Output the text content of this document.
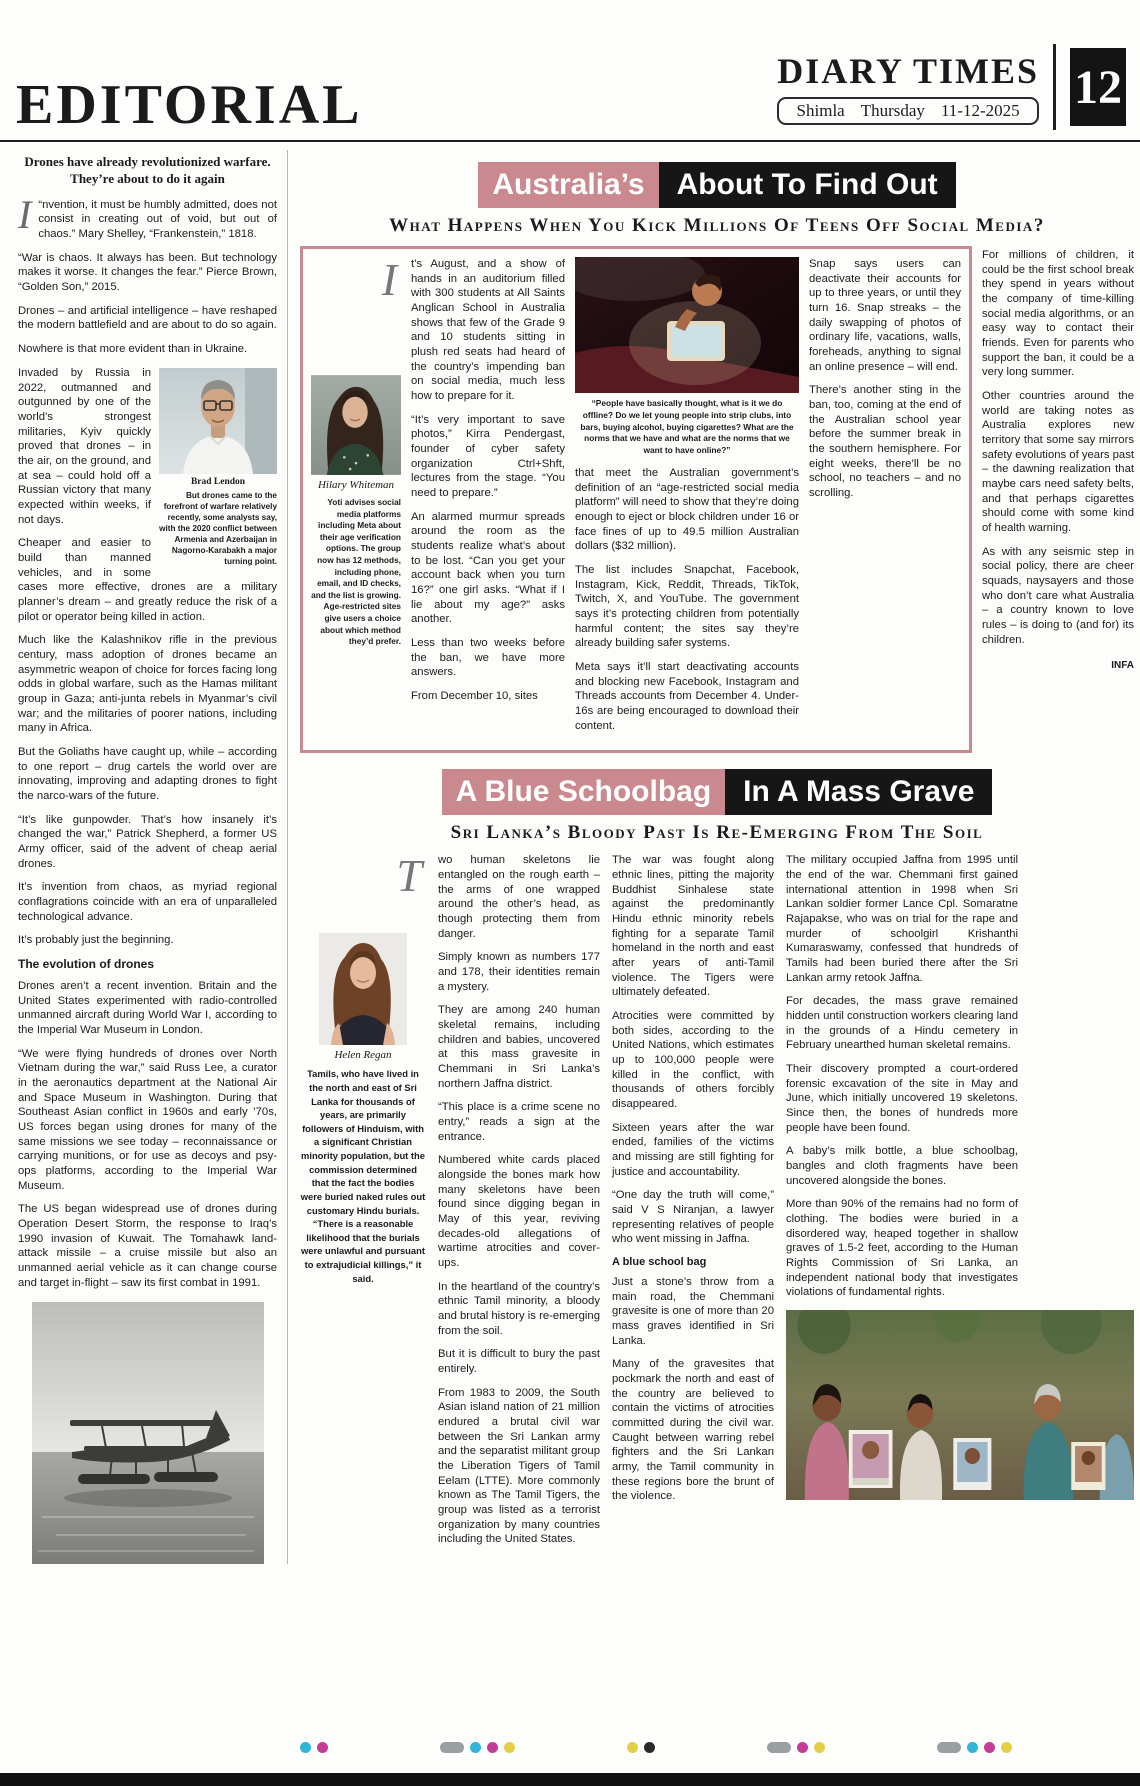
EDITORIAL
DIARY TIMES
Shimla Thursday 11-12-2025 12
Drones have already revolutionized warfare. They’re about to do it again

I “nvention, it must be humbly admitted, does not consist in creating out of void, but out of chaos.” Mary Shelley, “Frankenstein,” 1818.

“War is chaos. It always has been. But technology makes it worse. It changes the fear.” Pierce Brown, “Golden Son,” 2015.

Drones – and artificial intelligence – have reshaped the modern battlefield and are about to do so again.

Nowhere is that more evident than in Ukraine.

Brad Lendon
But drones came to the forefront of warfare relatively recently, some analysts say, with the 2020 conflict between Armenia and Azerbaijan in Nagorno-Karabakh a major turning point.

Invaded by Russia in 2022, outmanned and outgunned by one of the world’s strongest militaries, Kyiv quickly proved that drones – in the air, on the ground, and at sea – could hold off a Russian victory that many expected within weeks, if not days.

Cheaper and easier to build than manned vehicles, and in some cases more effective, drones are a military planner’s dream – and greatly reduce the risk of a pilot or operator being killed in action.

Much like the Kalashnikov rifle in the previous century, mass adoption of drones became an asymmetric weapon of choice for forces facing long odds in global warfare, such as the Hamas militant group in Gaza; anti-junta rebels in Myanmar’s civil war; and the militaries of poorer nations, including many in Africa.

But the Goliaths have caught up, while – according to one report – drug cartels the world over are innovating, improving and adapting drones to fight the narco-wars of the future.

“It’s like gunpowder. That’s how insanely it’s changed the war,” Patrick Shepherd, a former US Army officer, said of the advent of cheap aerial drones.

It’s invention from chaos, as myriad regional conflagrations coincide with an era of unparalleled technological advance.

It’s probably just the beginning.

The evolution of drones

Drones aren’t a recent invention. Britain and the United States experimented with radio-controlled unmanned aircraft during World War I, according to the Imperial War Museum in London.

“We were flying hundreds of drones over North Vietnam during the war,” said Russ Lee, a curator in the aeronautics department at the National Air and Space Museum in Washington. During that Southeast Asian conflict in 1960s and early ’70s, US forces began using drones for many of the same missions we see today – reconnaissance or carrying munitions, or for use as decoys and psy-ops platforms, according to the Imperial War Museum.

The US began widespread use of drones during Operation Desert Storm, the response to Iraq’s 1990 invasion of Kuwait. The Tomahawk land-attack missile – a cruise missile but also an unmanned aerial vehicle as it can change course and target in-flight – saw its first combat in 1991.

Australia’s	About To Find Out
What Happens When You Kick Millions Of Teens Off Social Media?
I
Hilary Whiteman
Yoti advises social media platforms including Meta about their age verification options. The group now has 12 methods, including phone, email, and ID checks, and the list is growing. Age-restricted sites give users a choice about which method they’d prefer.

t’s August, and a show of hands in an auditorium filled with 300 students at All Saints Anglican School in Australia shows that few of the Grade 9 and 10 students sitting in plush red seats had heard of the country’s impending ban on social media, much less how to prepare for it.

“It’s very important to save photos,” Kirra Pendergast, founder of cyber safety organization Ctrl+Shft, lectures from the stage. “You need to prepare.”

An alarmed murmur spreads around the room as the students realize what’s about to be lost. “Can you get your account back when you turn 16?” one girl asks. “What if I lie about my age?” asks another.

Less than two weeks before the ban, we have more answers.

From December 10, sites

“People have basically thought, what is it we do offline? Do we let young people into strip clubs, into bars, buying alcohol, buying cigarettes? What are the norms that we have and what are the norms that we want to have online?”

that meet the Australian government’s definition of an “age-restricted social media platform” will need to show that they’re doing enough to eject or block children under 16 or face fines of up to 49.5 million Australian dollars ($32 million).

The list includes Snapchat, Facebook, Instagram, Kick, Reddit, Threads, TikTok, Twitch, X, and YouTube. The government says it’s protecting children from potentially harmful content; the sites say they’re already building safer systems.

Meta says it’ll start deactivating accounts and blocking new Facebook, Instagram and Threads accounts from December 4. Under-16s are being encouraged to download their content.

Snap says users can deactivate their accounts for up to three years, or until they turn 16. Snap streaks – the daily swapping of photos of ordinary life, vacations, walls, foreheads, anything to signal an online presence – will end.

There’s another sting in the ban, too, coming at the end of the Australian school year before the summer break in the southern hemisphere. For eight weeks, there’ll be no school, no teachers – and no scrolling.

For millions of children, it could be the first school break they spend in years without the company of time-killing social media algorithms, or an easy way to contact their friends. Even for parents who support the ban, it could be a very long summer.

Other countries around the world are taking notes as Australia explores new territory that some say mirrors safety evolutions of years past – the dawning realization that maybe cars need safety belts, and that perhaps cigarettes should come with some kind of health warning.

As with any seismic step in social policy, there are cheer squads, naysayers and those who don’t care what Australia – a country known to love rules – is doing to (and for) its children.

INFA
A Blue Schoolbag	In A Mass Grave
Sri Lanka’s Bloody Past Is Re-Emerging From The Soil
T
Helen Regan
Tamils, who have lived in the north and east of Sri Lanka for thousands of years, are primarily followers of Hinduism, with a significant Christian minority population, but the commission determined that the fact the bodies were buried naked rules out customary Hindu burials. “There is a reasonable likelihood that the burials were unlawful and pursuant to extrajudicial killings,” it said.

wo human skeletons lie entangled on the rough earth – the arms of one wrapped around the other’s head, as though protecting them from danger.

Simply known as numbers 177 and 178, their identities remain a mystery.

They are among 240 human skeletal remains, including children and babies, uncovered at this mass gravesite in Chemmani in Sri Lanka’s northern Jaffna district.

“This place is a crime scene no entry,” reads a sign at the entrance.

Numbered white cards placed alongside the bones mark how many skeletons have been found since digging began in May of this year, reviving decades-old allegations of wartime atrocities and cover-ups.

In the heartland of the country’s ethnic Tamil minority, a bloody and brutal history is re-emerging from the soil.

But it is difficult to bury the past entirely.

From 1983 to 2009, the South Asian island nation of 21 million endured a brutal civil war between the Sri Lankan army and the separatist militant group the Liberation Tigers of Tamil Eelam (LTTE). More commonly known as The Tamil Tigers, the group was listed as a terrorist organization by many countries including the United States.

The war was fought along ethnic lines, pitting the majority Buddhist Sinhalese state against the predominantly Hindu ethnic minority rebels fighting for a separate Tamil homeland in the north and east after years of anti-Tamil violence. The Tigers were ultimately defeated.

Atrocities were committed by both sides, according to the United Nations, which estimates up to 100,000 people were killed in the conflict, with thousands of others forcibly disappeared.

Sixteen years after the war ended, families of the victims and missing are still fighting for justice and accountability.

“One day the truth will come,” said V S Niranjan, a lawyer representing relatives of people who went missing in Jaffna.

A blue school bag

Just a stone’s throw from a main road, the Chemmani gravesite is one of more than 20 mass graves identified in Sri Lanka.

Many of the gravesites that pockmark the north and east of the country are believed to contain the victims of atrocities committed during the civil war. Caught between warring rebel fighters and the Sri Lankan army, the Tamil community in these regions bore the brunt of the violence.

The military occupied Jaffna from 1995 until the end of the war. Chemmani first gained international attention in 1998 when Sri Lankan soldier former Lance Cpl. Somaratne Rajapakse, who was on trial for the rape and murder of schoolgirl Krishanthi Kumaraswamy, confessed that hundreds of Tamils had been buried there after the Sri Lankan army retook Jaffna.

For decades, the mass grave remained hidden until construction workers clearing land in the grounds of a Hindu cemetery in February unearthed human skeletal remains.

Their discovery prompted a court-ordered forensic excavation of the site in May and June, which initially uncovered 19 skeletons. Since then, the bones of hundreds more people have been found.

A baby’s milk bottle, a blue schoolbag, bangles and cloth fragments have been uncovered alongside the bones.

More than 90% of the remains had no form of clothing. The bodies were buried in a disordered way, heaped together in shallow graves of 1.5-2 feet, according to the Human Rights Commission of Sri Lanka, an independent national body that investigates violations of fundamental rights.
